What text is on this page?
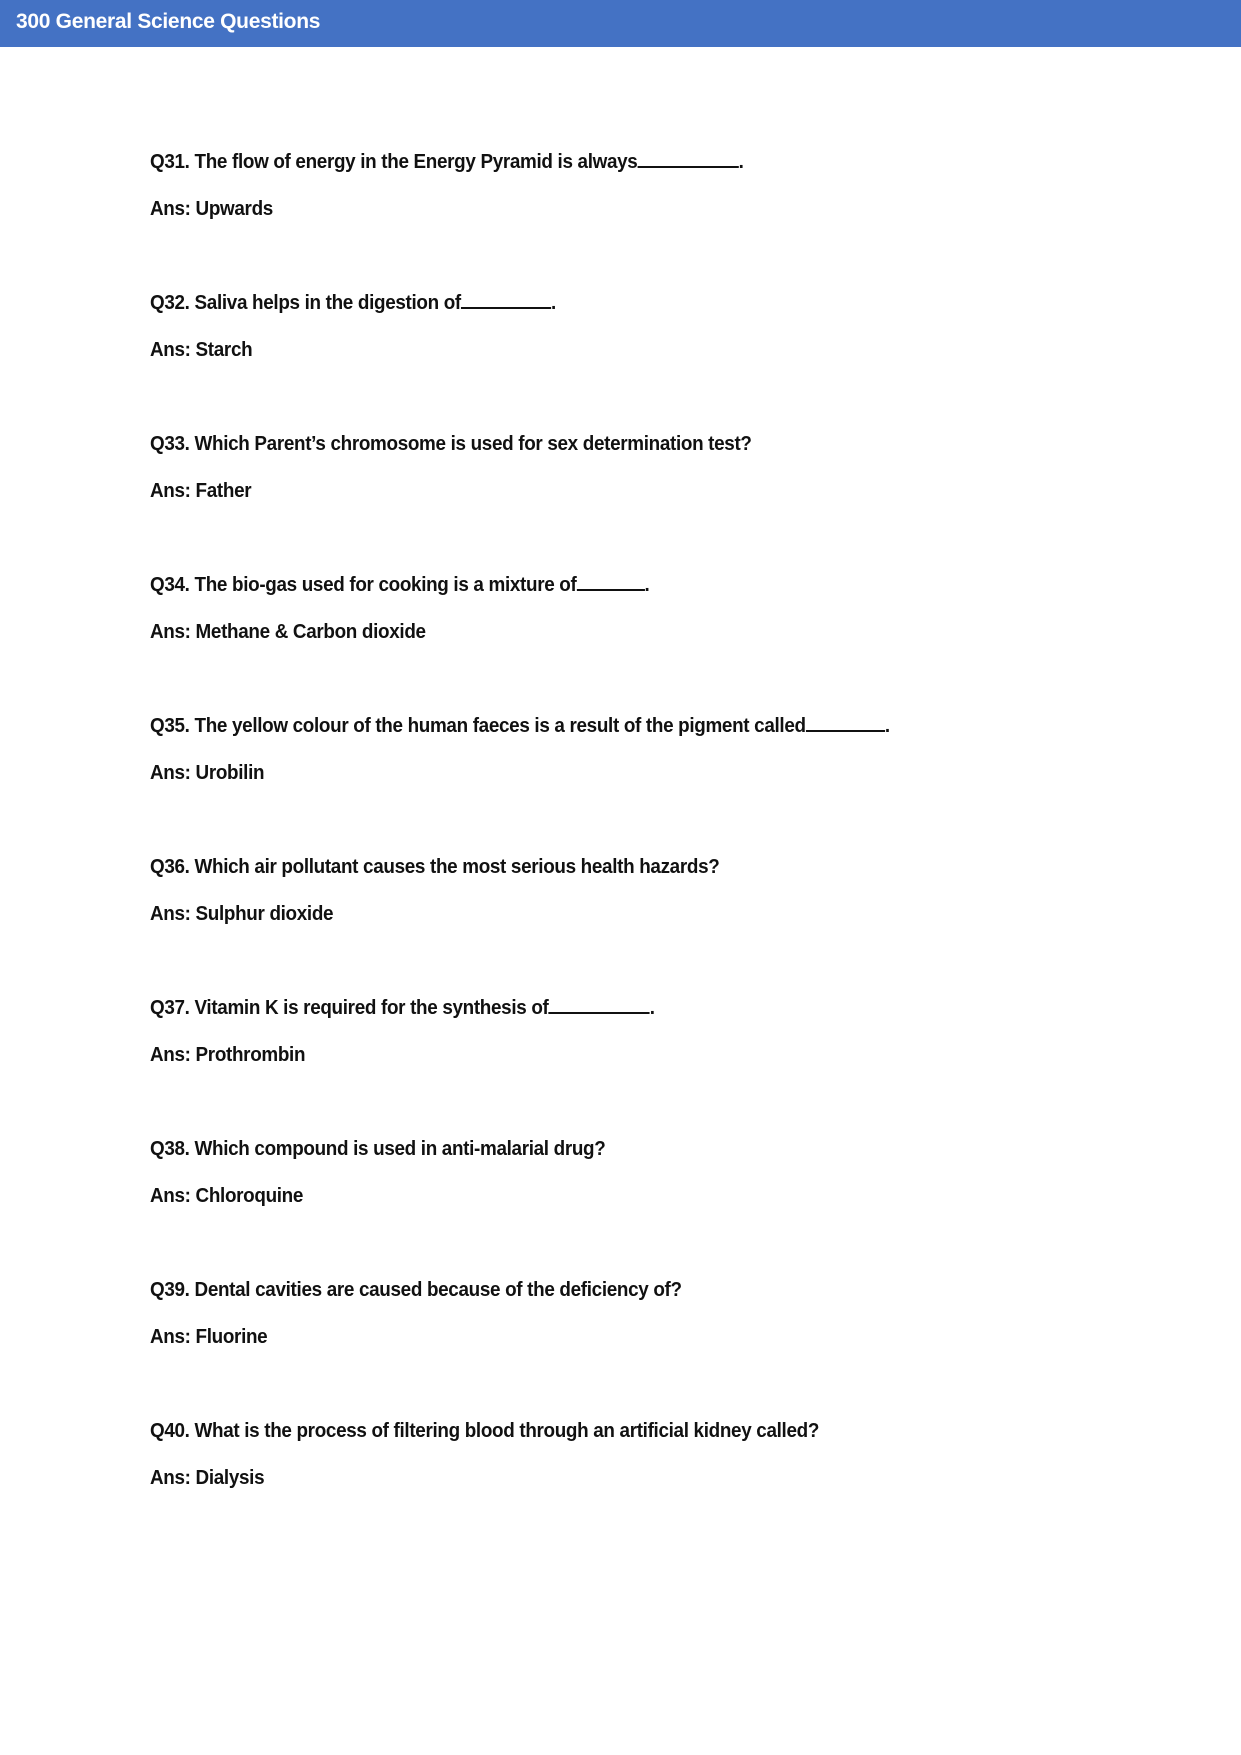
300 General Science Questions
Q31. The flow of energy in the Energy Pyramid is always	.
Ans: Upwards
Q32. Saliva helps in the digestion of	.
Ans: Starch
Q33. Which Parent’s chromosome is used for sex determination test?
Ans: Father
Q34. The bio-gas used for cooking is a mixture of	.
Ans: Methane & Carbon dioxide
Q35. The yellow colour of the human faeces is a result of the pigment called	.
Ans: Urobilin
Q36. Which air pollutant causes the most serious health hazards?
Ans: Sulphur dioxide
Q37. Vitamin K is required for the synthesis of	.
Ans: Prothrombin
Q38. Which compound is used in anti-malarial drug?
Ans: Chloroquine
Q39. Dental cavities are caused because of the deficiency of?
Ans: Fluorine
Q40. What is the process of filtering blood through an artificial kidney called?
Ans: Dialysis
